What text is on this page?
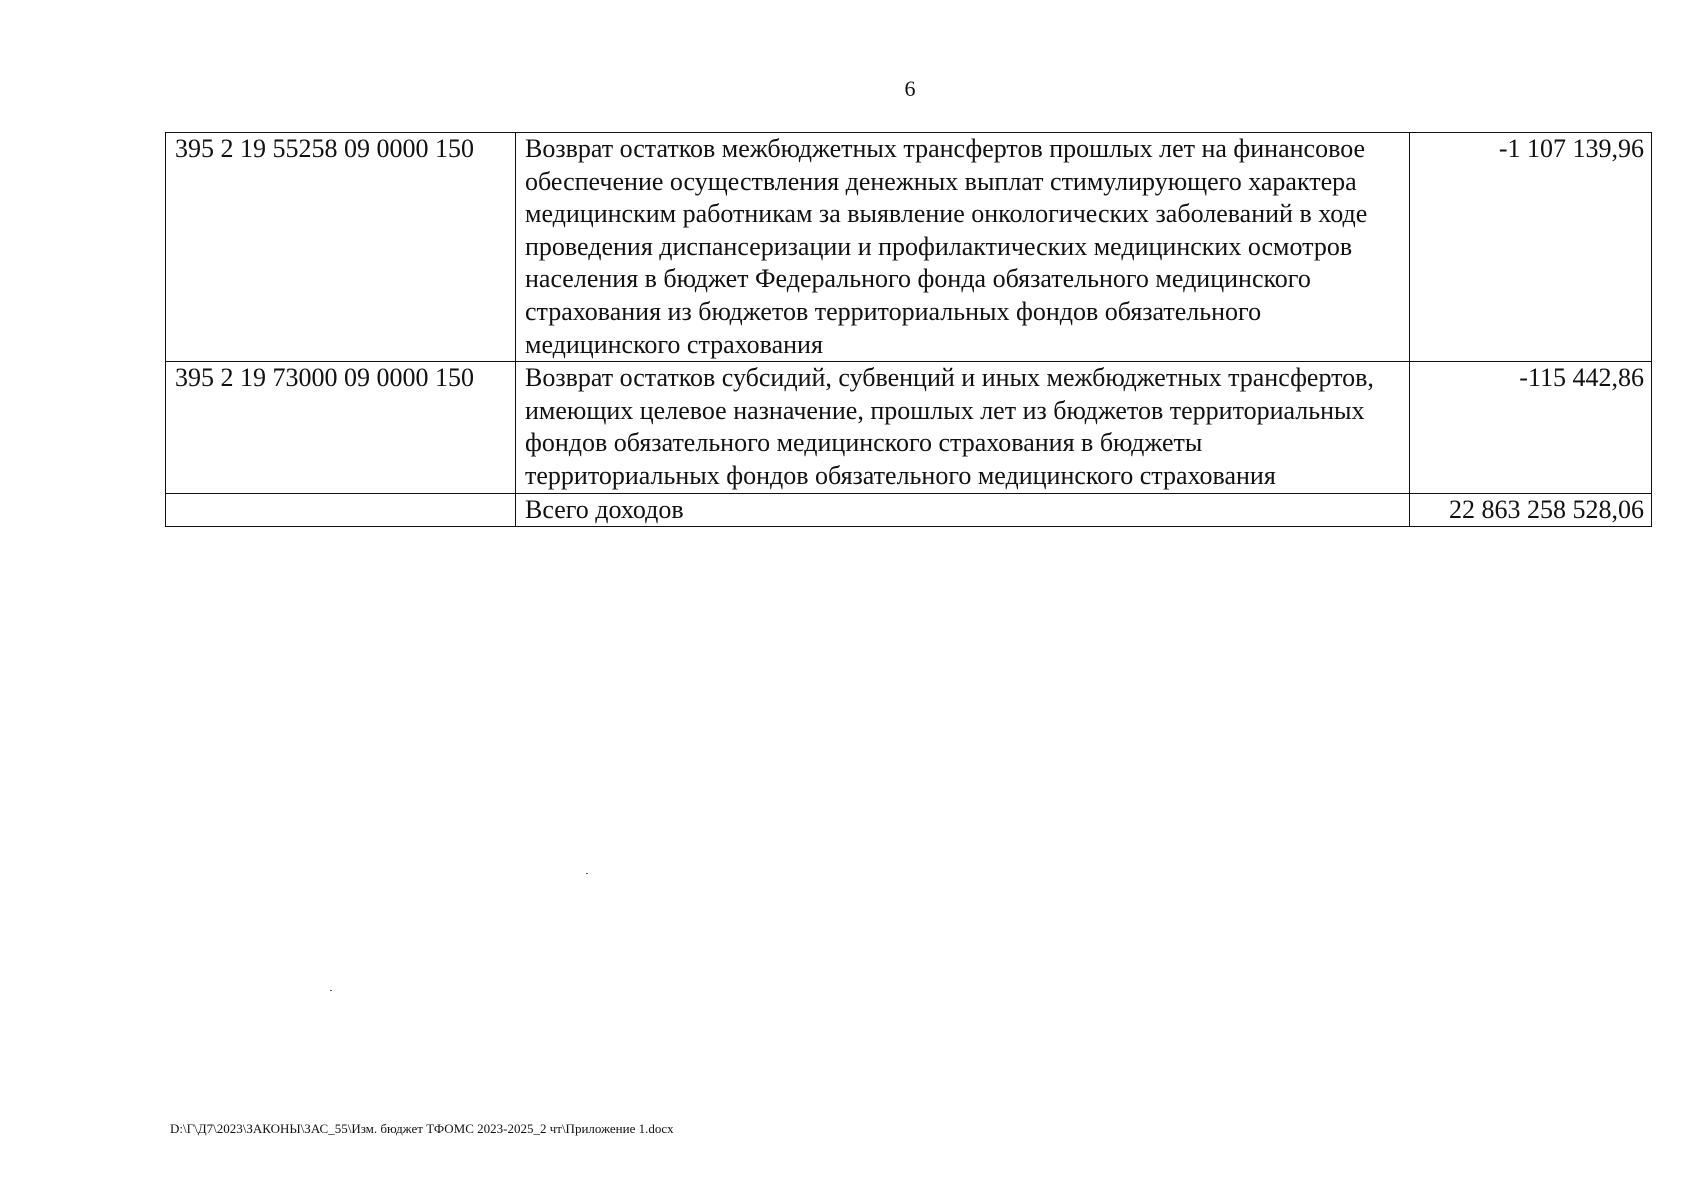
6
395 2 19 55258 09 0000 150	Возврат остатков межбюджетных трансфертов прошлых лет на финансовое обеспечение осуществления денежных выплат стимулирующего характера медицинским работникам за выявление онкологических заболеваний в ходе проведения диспансеризации и профилактических медицинских осмотров населения в бюджет Федерального фонда обязательного медицинского страхования из бюджетов территориальных фондов обязательного медицинского страхования	-1 107 139,96
395 2 19 73000 09 0000 150	Возврат остатков субсидий, субвенций и иных межбюджетных трансфертов, имеющих целевое назначение, прошлых лет из бюджетов территориальных фондов обязательного медицинского страхования в бюджеты территориальных фондов обязательного медицинского страхования	-115 442,86
	Всего доходов	22 863 258 528,06
D:\Г\Д7\2023\ЗАКОНЫ\ЗАС_55\Изм. бюджет ТФОМС 2023-2025_2 чт\Приложение 1.docx
